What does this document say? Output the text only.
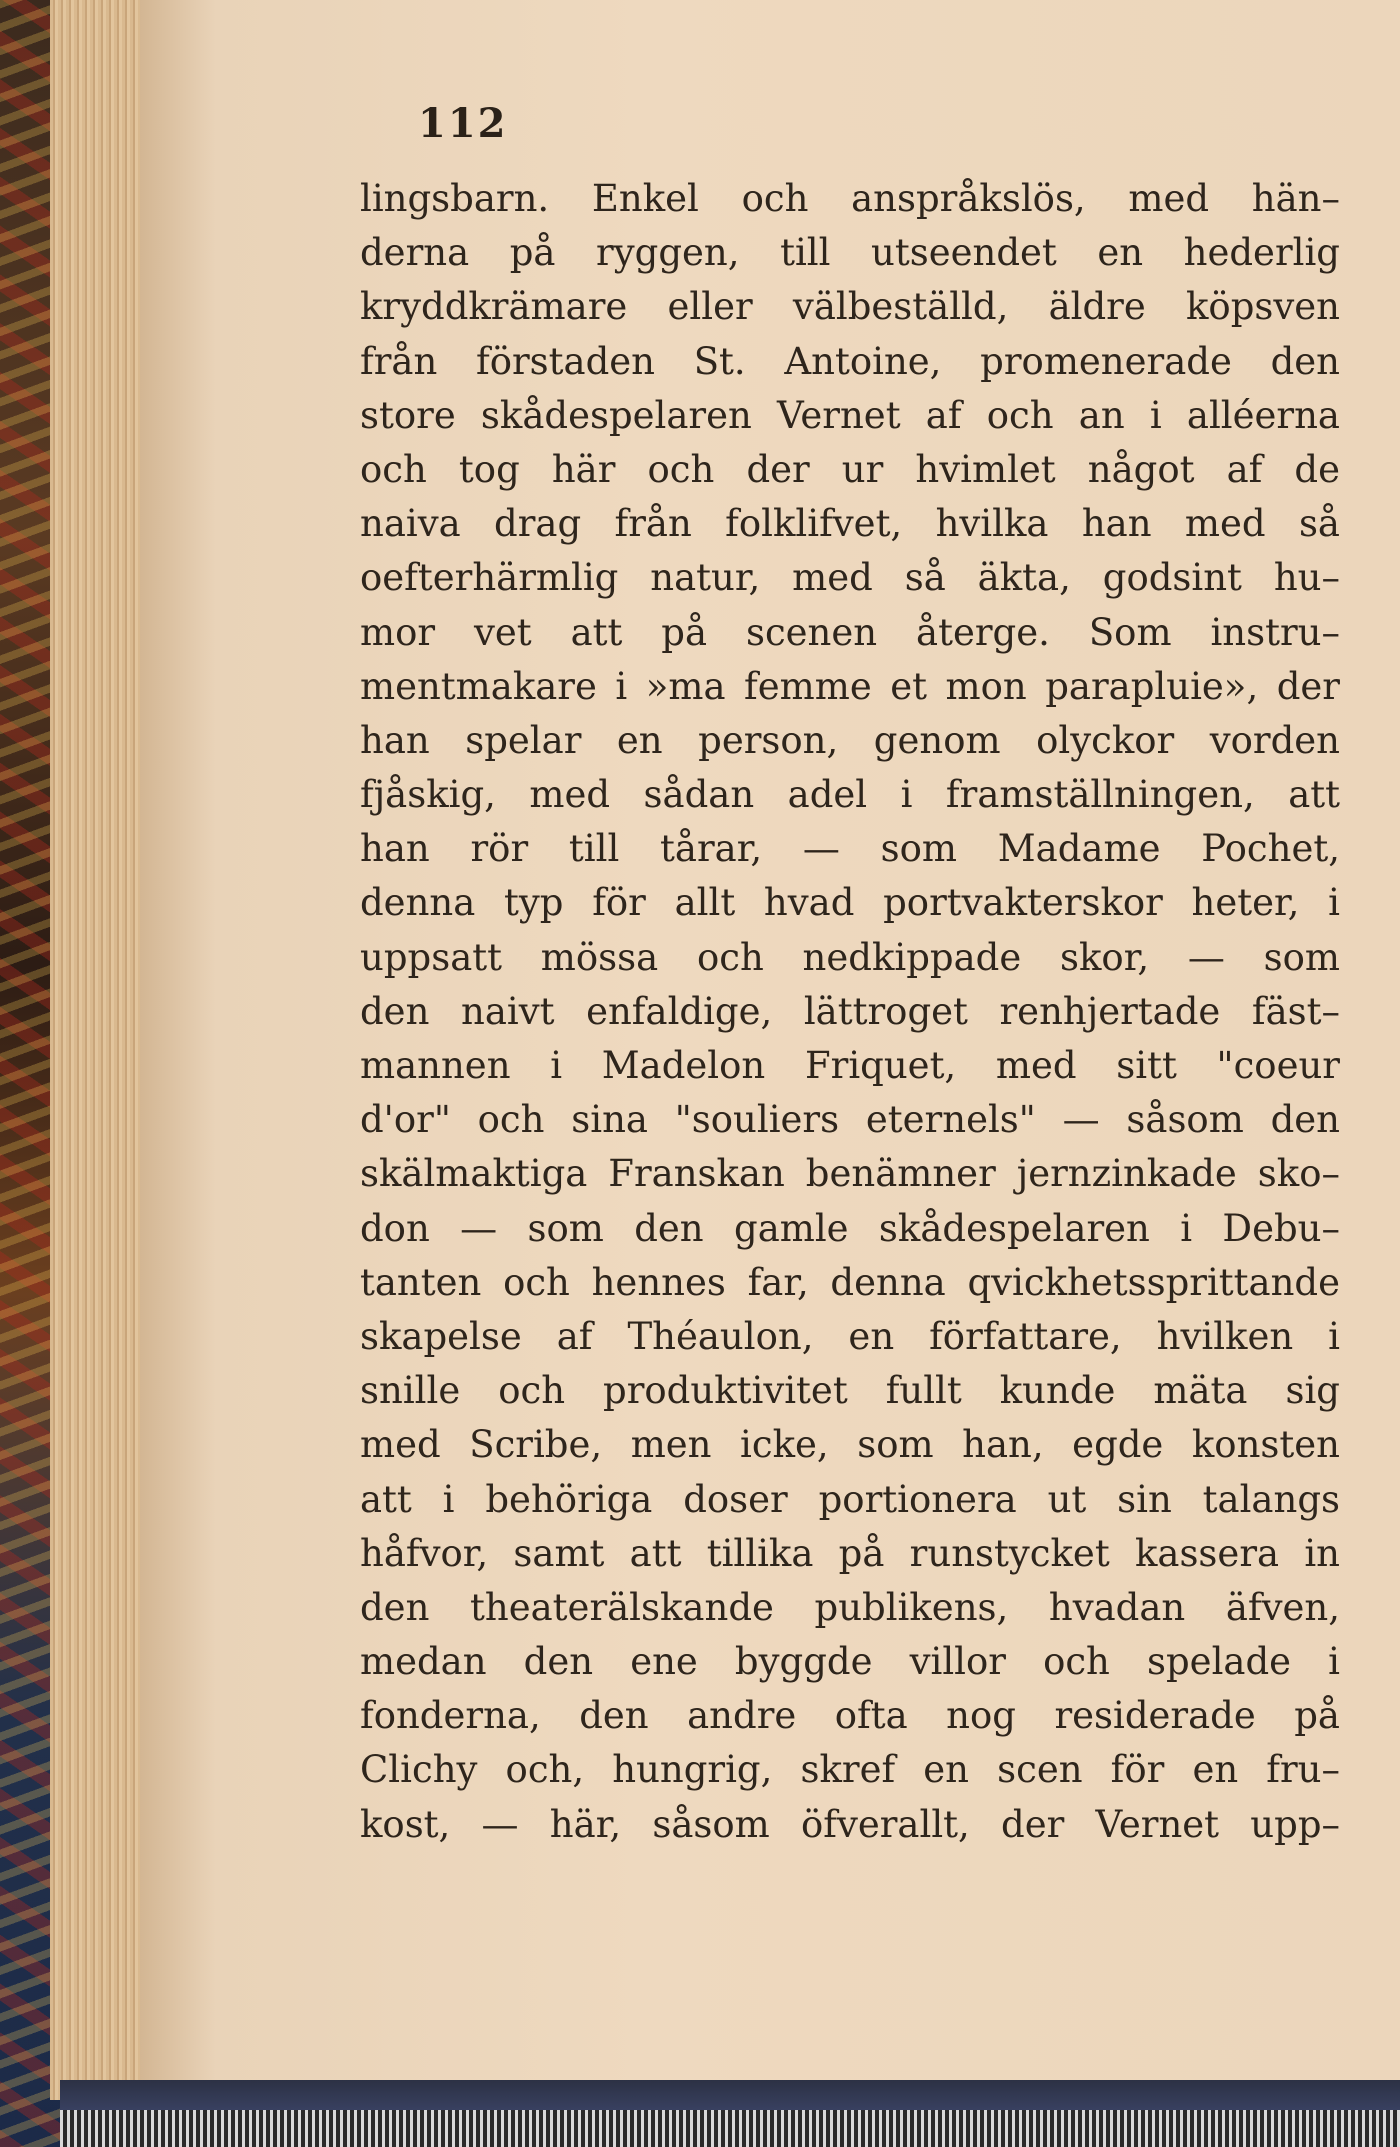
112
lingsbarn. Enkel och anspråkslös, med hän–
derna på ryggen, till utseendet en hederlig
kryddkrämare eller välbeställd, äldre köpsven
från förstaden St. Antoine, promenerade den
store skådespelaren Vernet af och an i alléerna
och tog här och der ur hvimlet något af de
naiva drag från folklifvet, hvilka han med så
oefterhärmlig natur, med så äkta, godsint hu–
mor vet att på scenen återge. Som instru–
mentmakare i »ma femme et mon parapluie», der
han spelar en person, genom olyckor vorden
fjåskig, med sådan adel i framställningen, att
han rör till tårar, — som Madame Pochet,
denna typ för allt hvad portvakterskor heter, i
uppsatt mössa och nedkippade skor, — som
den naivt enfaldige, lättroget renhjertade fäst–
mannen i Madelon Friquet, med sitt "coeur
d'or" och sina "souliers eternels" — såsom den
skälmaktiga Franskan benämner jernzinkade sko–
don — som den gamle skådespelaren i Debu–
tanten och hennes far, denna qvickhetssprittande
skapelse af Théaulon, en författare, hvilken i
snille och produktivitet fullt kunde mäta sig
med Scribe, men icke, som han, egde konsten
att i behöriga doser portionera ut sin talangs
håfvor, samt att tillika på runstycket kassera in
den theaterälskande publikens, hvadan äfven,
medan den ene byggde villor och spelade i
fonderna, den andre ofta nog residerade på
Clichy och, hungrig, skref en scen för en fru–
kost, — här, såsom öfverallt, der Vernet upp–
